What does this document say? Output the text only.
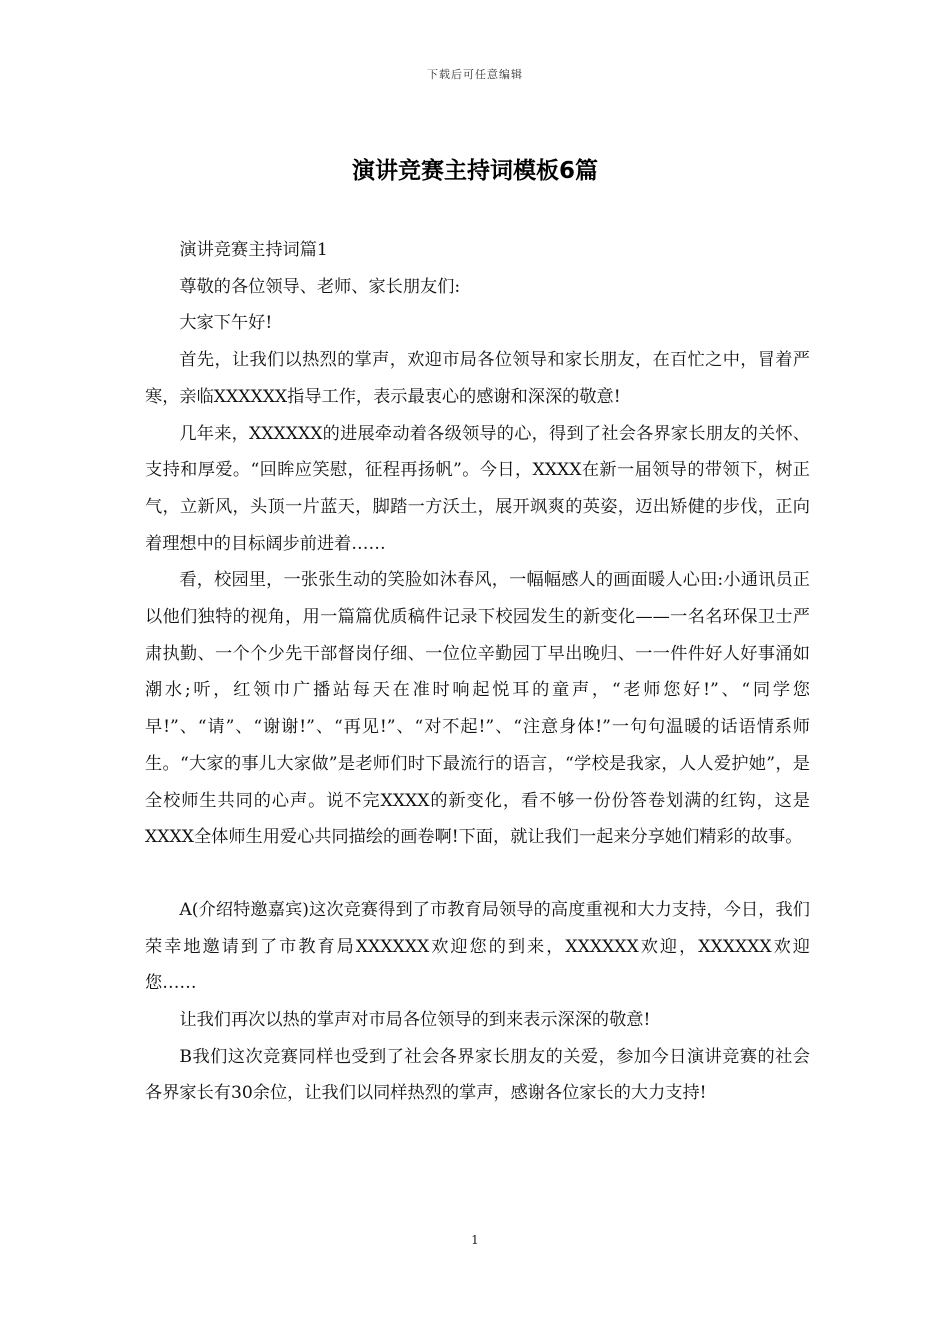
下载后可任意编辑
演讲竞赛主持词模板6篇

演讲竞赛主持词篇1

尊敬的各位领导、老师、家长朋友们:

大家下午好!

首先，让我们以热烈的掌声，欢迎市局各位领导和家长朋友，在百忙之中，冒着严寒，亲临XXXXXX指导工作，表示最衷心的感谢和深深的敬意!

几年来，XXXXXX的进展牵动着各级领导的心，得到了社会各界家长朋友的关怀、支持和厚爱。“回眸应笑慰，征程再扬帆”。今日，XXXX在新一届领导的带领下，树正气，立新风，头顶一片蓝天，脚踏一方沃土，展开飒爽的英姿，迈出矫健的步伐，正向着理想中的目标阔步前进着……

看，校园里，一张张生动的笑脸如沐春风，一幅幅感人的画面暖人心田:小通讯员正以他们独特的视角，用一篇篇优质稿件记录下校园发生的新变化——一名名环保卫士严肃执勤、一个个少先干部督岗仔细、一位位辛勤园丁早出晚归、一一件件好人好事涌如潮水;听，红领巾广播站每天在准时响起悦耳的童声，“老师您好!”、“同学您早!”、“请”、“谢谢!”、“再见!”、“对不起!”、“注意身体!”一句句温暖的话语情系师生。“大家的事儿大家做”是老师们时下最流行的语言，“学校是我家，人人爱护她”，是全校师生共同的心声。说不完XXXX的新变化，看不够一份份答卷划满的红钩，这是XXXX全体师生用爱心共同描绘的画卷啊!下面，就让我们一起来分享她们精彩的故事。

A(介绍特邀嘉宾)这次竞赛得到了市教育局领导的高度重视和大力支持，今日，我们荣幸地邀请到了市教育局XXXXXX欢迎您的到来，XXXXXX欢迎，XXXXXX欢迎您……

让我们再次以热的掌声对市局各位领导的到来表示深深的敬意!

B我们这次竞赛同样也受到了社会各界家长朋友的关爱，参加今日演讲竞赛的社会各界家长有30余位，让我们以同样热烈的掌声，感谢各位家长的大力支持!

1
